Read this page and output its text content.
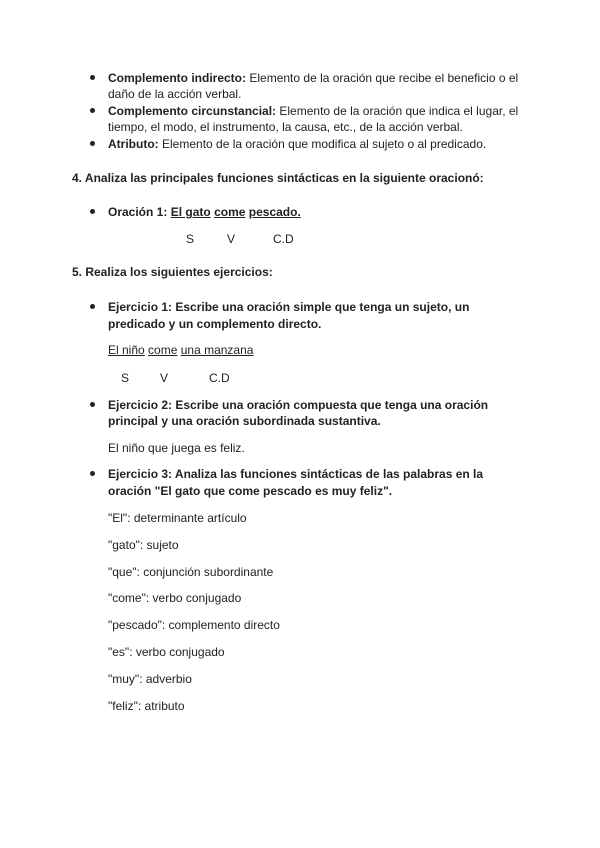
Complemento indirecto: Elemento de la oración que recibe el beneficio o el
daño de la acción verbal.
Complemento circunstancial: Elemento de la oración que indica el lugar, el
tiempo, el modo, el instrumento, la causa, etc., de la acción verbal.
Atributo: Elemento de la oración que modifica al sujeto o al predicado.
4. Analiza las principales funciones sintácticas en la siguiente oracionó:
Oración 1: El gato come pescado.
S	V	C.D
5. Realiza los siguientes ejercicios:
Ejercicio 1: Escribe una oración simple que tenga un sujeto, un
predicado y un complemento directo.
El niño come una manzana
S	V	C.D
Ejercicio 2: Escribe una oración compuesta que tenga una oración
principal y una oración subordinada sustantiva.
El niño que juega es feliz.
Ejercicio 3: Analiza las funciones sintácticas de las palabras en la
oración "El gato que come pescado es muy feliz".
"El": determinante artículo
"gato": sujeto
"que": conjunción subordinante
"come": verbo conjugado
"pescado": complemento directo
"es": verbo conjugado
"muy": adverbio
"feliz": atributo
